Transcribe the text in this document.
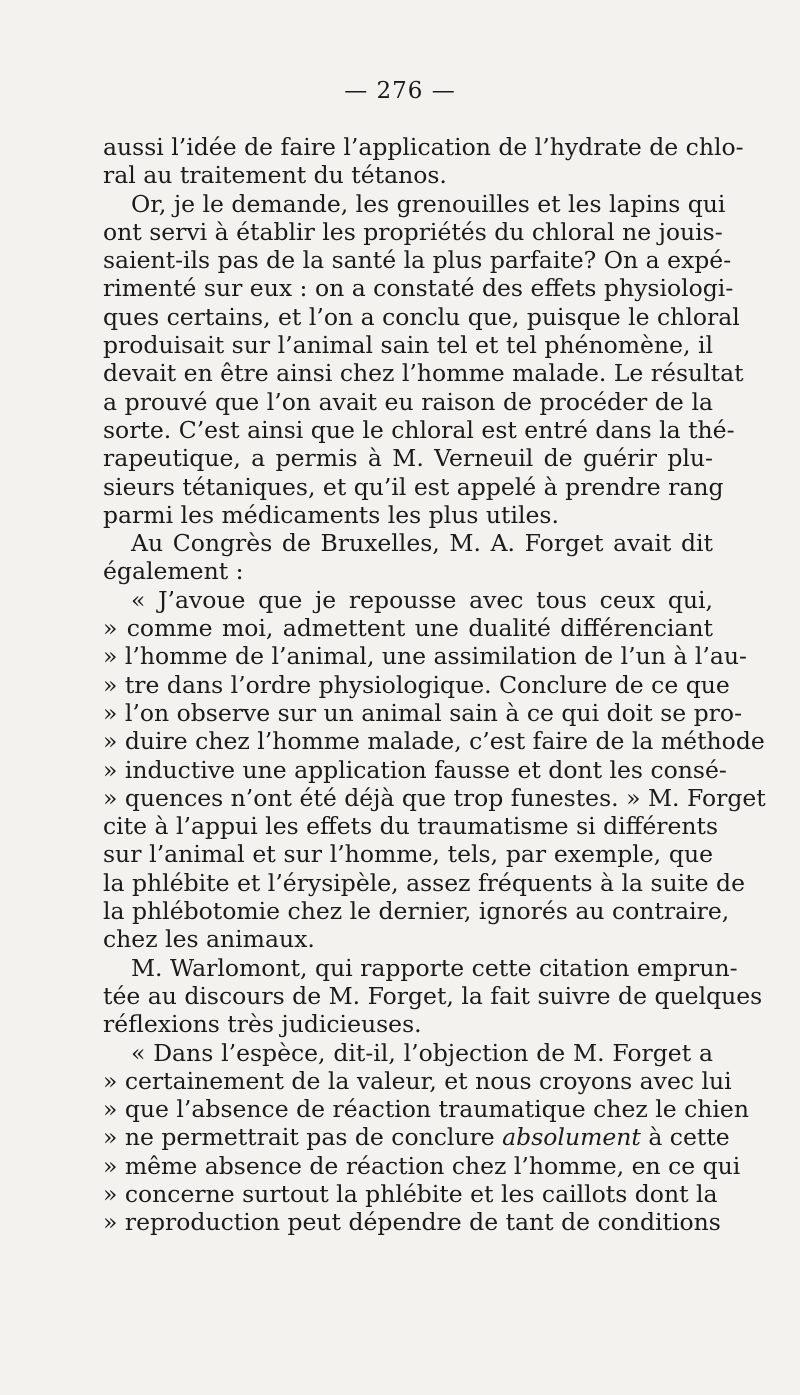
— 276 —
aussi l’idée de faire l’application de l’hydrate de chlo-
ral au traitement du tétanos.
Or, je le demande, les grenouilles et les lapins qui
ont servi à établir les propriétés du chloral ne jouis-
saient-ils pas de la santé la plus parfaite? On a expé-
rimenté sur eux : on a constaté des effets physiologi-
ques certains, et l’on a conclu que, puisque le chloral
produisait sur l’animal sain tel et tel phénomène, il
devait en être ainsi chez l’homme malade. Le résultat
a prouvé que l’on avait eu raison de procéder de la
sorte. C’est ainsi que le chloral est entré dans la thé-
rapeutique, a permis à M. Verneuil de guérir plu-
sieurs tétaniques, et qu’il est appelé à prendre rang
parmi les médicaments les plus utiles.
Au Congrès de Bruxelles, M. A. Forget avait dit
également :
« J’avoue que je repousse avec tous ceux qui,
» comme moi, admettent une dualité différenciant
» l’homme de l’animal, une assimilation de l’un à l’au-
» tre dans l’ordre physiologique. Conclure de ce que
» l’on observe sur un animal sain à ce qui doit se pro-
» duire chez l’homme malade, c’est faire de la méthode
» inductive une application fausse et dont les consé-
» quences n’ont été déjà que trop funestes. » M. Forget
cite à l’appui les effets du traumatisme si différents
sur l’animal et sur l’homme, tels, par exemple, que
la phlébite et l’érysipèle, assez fréquents à la suite de
la phlébotomie chez le dernier, ignorés au contraire,
chez les animaux.
M. Warlomont, qui rapporte cette citation emprun-
tée au discours de M. Forget, la fait suivre de quelques
réflexions très judicieuses.
« Dans l’espèce, dit-il, l’objection de M. Forget a
» certainement de la valeur, et nous croyons avec lui
» que l’absence de réaction traumatique chez le chien
» ne permettrait pas de conclure absolument à cette
» même absence de réaction chez l’homme, en ce qui
» concerne surtout la phlébite et les caillots dont la
» reproduction peut dépendre de tant de conditions
